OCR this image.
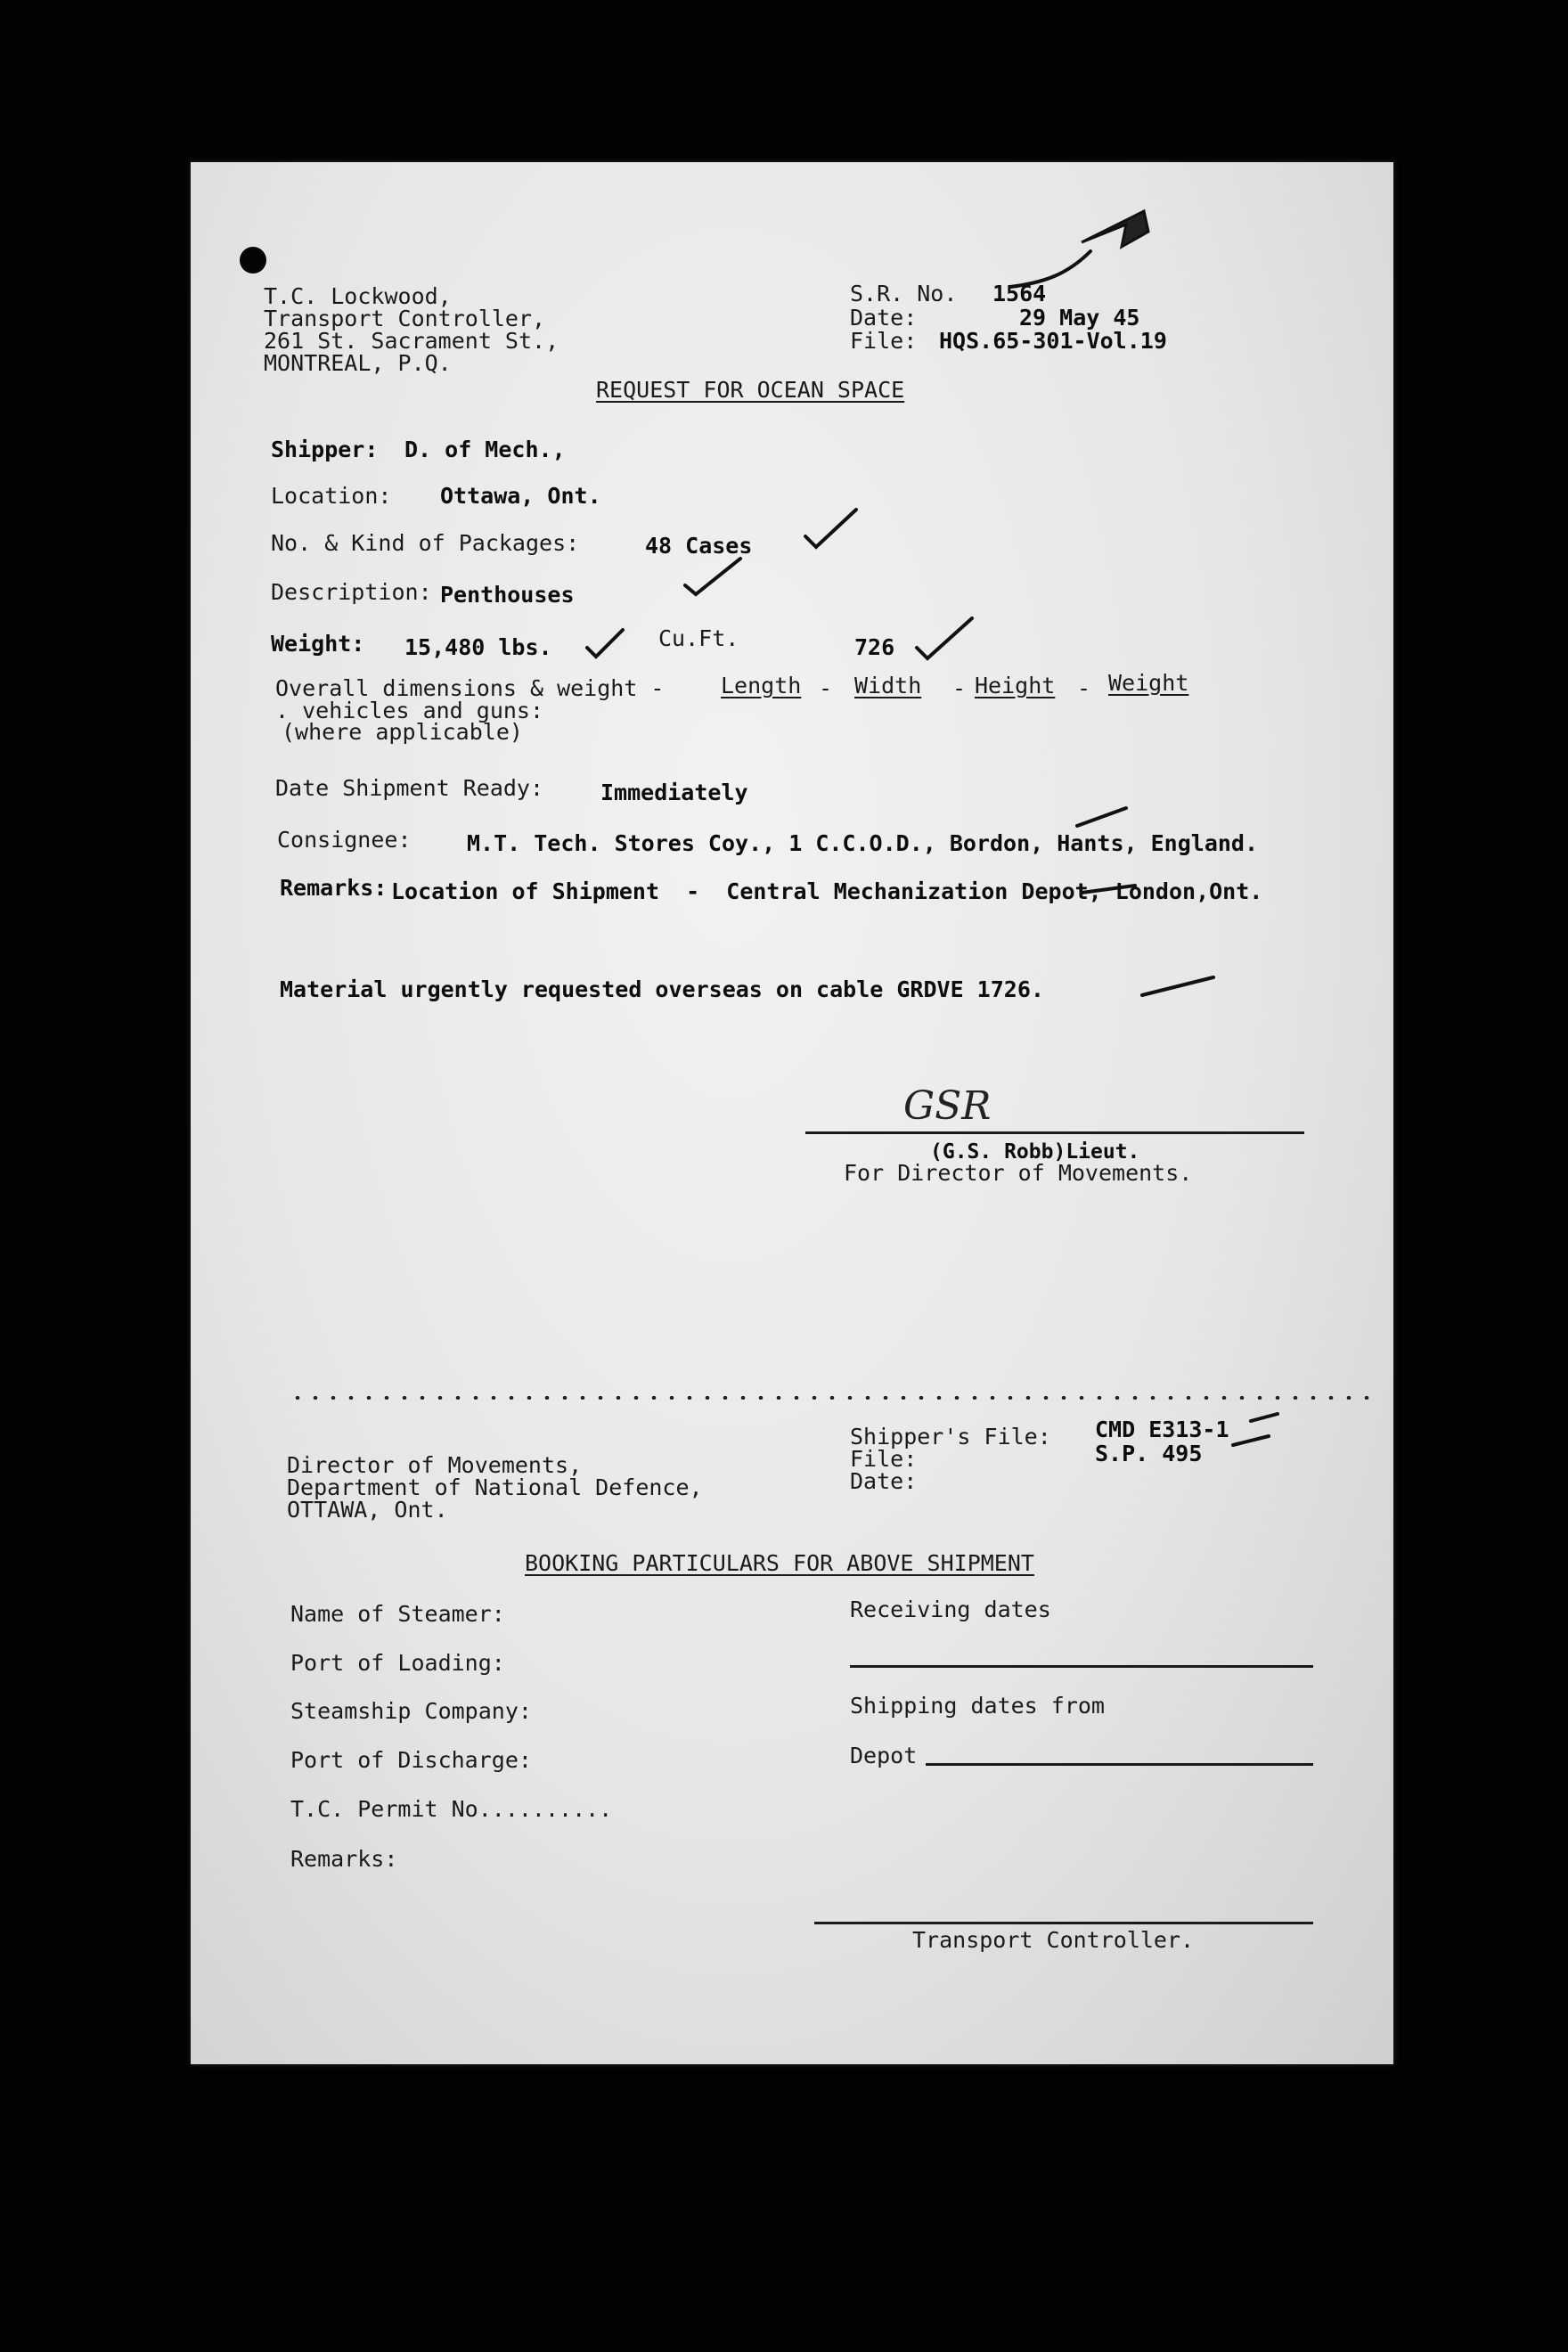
T.C. Lockwood,
Transport Controller,
261 St. Sacrament St.,
MONTREAL, P.Q.
S.R. No. 1564
Date:	29 May 45
File: HQS.65-301-Vol.19
REQUEST FOR OCEAN SPACE
Shipper: D. of Mech.,
Location: Ottawa, Ont.
No. & Kind of Packages:	48 Cases
Description: Penthouses
Weight: 15,480 lbs.	Cu.Ft.	726
Overall dimensions & weight -	Length - Width - Height - Weight
. vehicles and guns:
(where applicable)
Date Shipment Ready:	Immediately
Consignee: M.T. Tech. Stores Coy., 1 C.C.O.D., Bordon, Hants, England.
Remarks: Location of Shipment  -  Central Mechanization Depot, London,Ont.
Material urgently requested overseas on cable GRDVE 1726.
GSR
(G.S. Robb)Lieut.
For Director of Movements.
Shipper's File: CMD E313-1
File:	S.P. 495
Date:
Director of Movements,
Department of National Defence,
OTTAWA, Ont.
BOOKING PARTICULARS FOR ABOVE SHIPMENT
Name of Steamer:
Port of Loading:
Steamship Company:
Port of Discharge:
T.C. Permit No..........
Remarks:
Receiving dates
Shipping dates from
Depot
Transport Controller.
